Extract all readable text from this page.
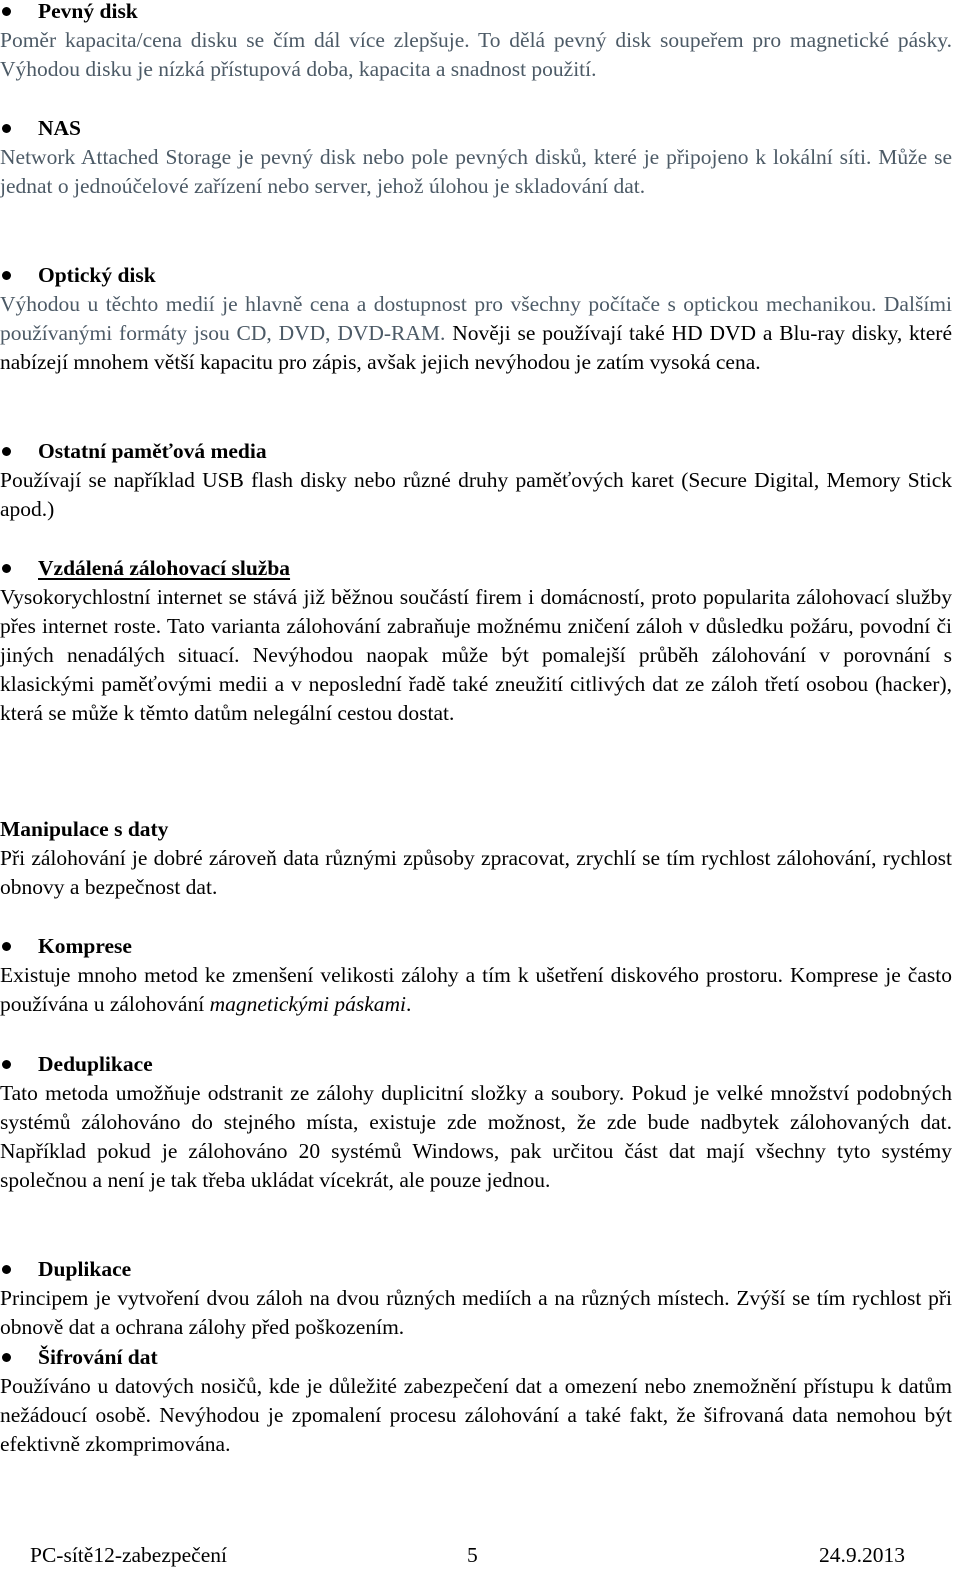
Pevný disk

Poměr kapacita/cena disku se čím dál více zlepšuje. To dělá pevný disk soupeřem pro magnetické pásky. Výhodou disku je nízká přístupová doba, kapacita a snadnost použití.

NAS

Network Attached Storage je pevný disk nebo pole pevných disků, které je připojeno k lokální síti. Může se jednat o jednoúčelové zařízení nebo server, jehož úlohou je skladování dat.

Optický disk

Výhodou u těchto medií je hlavně cena a dostupnost pro všechny počítače s optickou mechanikou. Dalšími používanými formáty jsou CD, DVD, DVD-RAM. Nověji se používají také HD DVD a Blu-ray disky, které nabízejí mnohem větší kapacitu pro zápis, avšak jejich nevýhodou je zatím vysoká cena.

Ostatní paměťová media

Používají se například USB flash disky nebo různé druhy paměťových karet (Secure Digital, Memory Stick apod.)

Vzdálená zálohovací služba

Vysokorychlostní internet se stává již běžnou součástí firem i domácností, proto popularita zálohovací služby přes internet roste. Tato varianta zálohování zabraňuje možnému zničení záloh v důsledku požáru, povodní či jiných nenadálých situací. Nevýhodou naopak může být pomalejší průběh zálohování v porovnání s klasickými paměťovými medii a v neposlední řadě také zneužití citlivých dat ze záloh třetí osobou (hacker), která se může k těmto datům nelegální cestou dostat.

Manipulace s daty

Při zálohování je dobré zároveň data různými způsoby zpracovat, zrychlí se tím rychlost zálohování, rychlost obnovy a bezpečnost dat.

Komprese

Existuje mnoho metod ke zmenšení velikosti zálohy a tím k ušetření diskového prostoru. Komprese je často používána u zálohování magnetickými páskami.

Deduplikace

Tato metoda umožňuje odstranit ze zálohy duplicitní složky a soubory. Pokud je velké množství podobných systémů zálohováno do stejného místa, existuje zde možnost, že zde bude nadbytek zálohovaných dat. Například pokud je zálohováno 20 systémů Windows, pak určitou část dat mají všechny tyto systémy společnou a není je tak třeba ukládat vícekrát, ale pouze jednou.

Duplikace

Principem je vytvoření dvou záloh na dvou různých mediích a na různých místech. Zvýší se tím rychlost při obnově dat a ochrana zálohy před poškozením.

Šifrování dat

Používáno u datových nosičů, kde je důležité zabezpečení dat a omezení nebo znemožnění přístupu k datům nežádoucí osobě. Nevýhodou je zpomalení procesu zálohování a také fakt, že šifrovaná data nemohou být efektivně zkomprimována.

PC-sítě12-zabezpečení	5	24.9.2013
